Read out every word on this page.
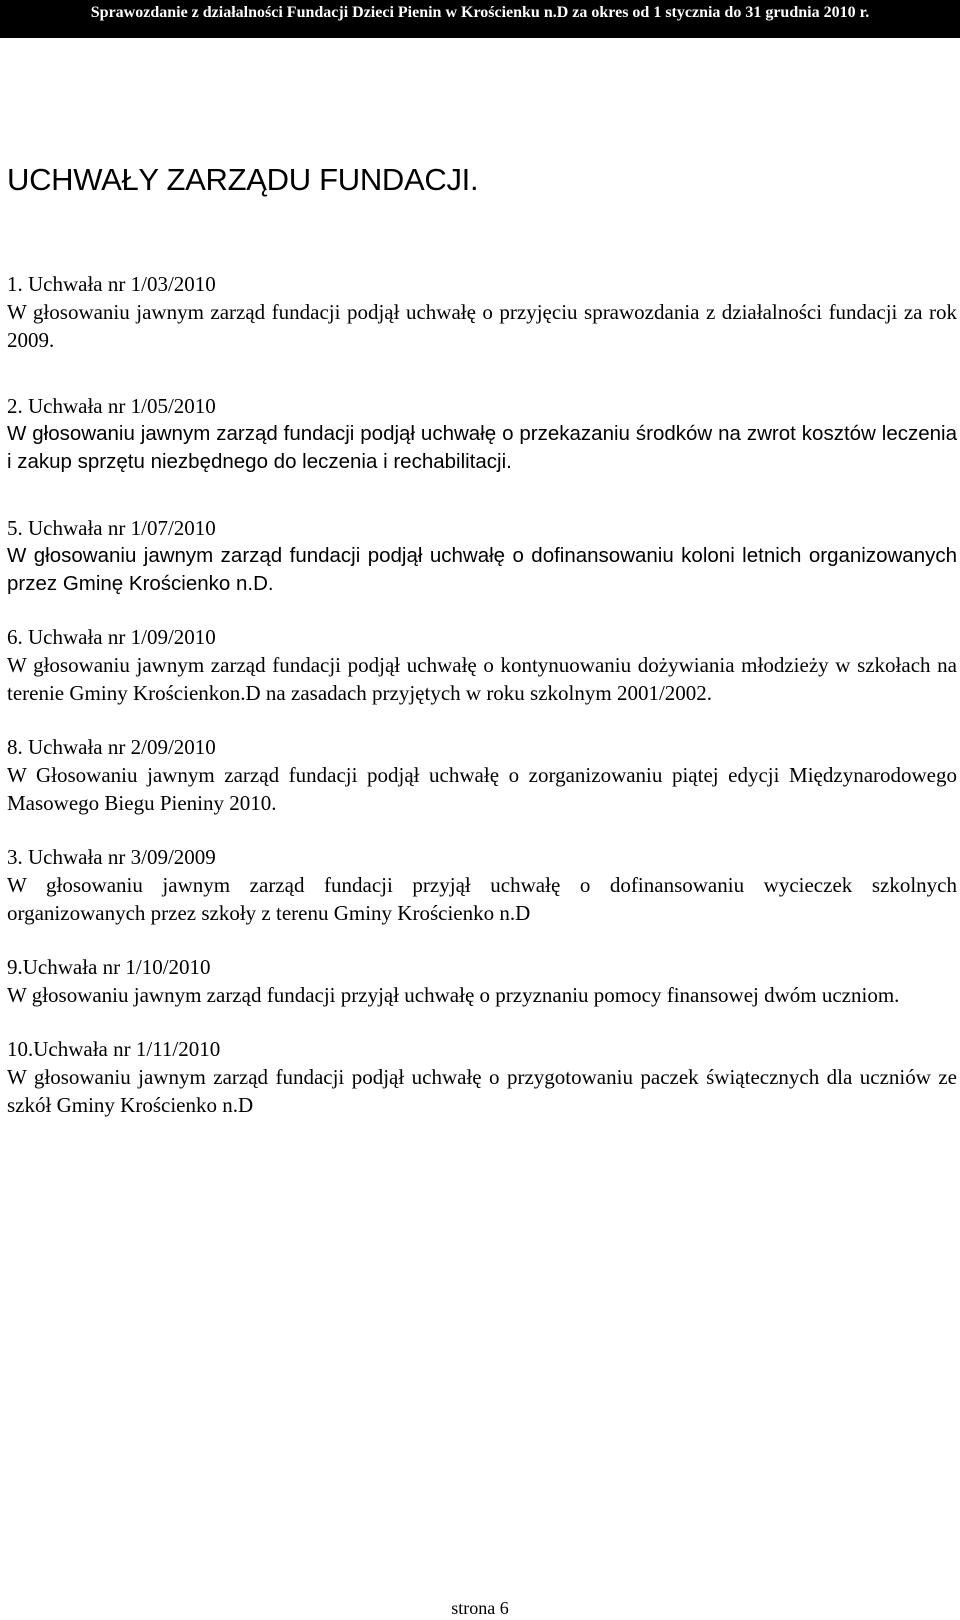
Sprawozdanie z działalności Fundacji Dzieci Pienin w Krościenku n.D za okres od 1 stycznia do 31 grudnia 2010 r.
UCHWAŁY ZARZĄDU FUNDACJI.
1. Uchwała nr 1/03/2010
W głosowaniu jawnym zarząd fundacji podjął uchwałę o przyjęciu sprawozdania z działalności fundacji za rok 2009.
2. Uchwała nr 1/05/2010
W głosowaniu jawnym zarząd fundacji podjął uchwałę o przekazaniu środków na zwrot kosztów leczenia i zakup sprzętu niezbędnego do leczenia i rechabilitacji.
5. Uchwała nr 1/07/2010
W głosowaniu jawnym zarząd fundacji podjął uchwałę o dofinansowaniu koloni letnich organizowanych przez Gminę Krościenko n.D.
6. Uchwała nr 1/09/2010
W głosowaniu jawnym zarząd fundacji podjął uchwałę o kontynuowaniu dożywiania młodzieży w szkołach na terenie Gminy Krościenkon.D na zasadach przyjętych w roku szkolnym 2001/2002.
8. Uchwała nr 2/09/2010
W Głosowaniu jawnym zarząd fundacji podjął uchwałę o zorganizowaniu piątej edycji Międzynarodowego Masowego Biegu Pieniny 2010.
3. Uchwała nr 3/09/2009
W głosowaniu jawnym zarząd fundacji przyjął uchwałę o dofinansowaniu wycieczek szkolnych organizowanych przez szkoły z terenu Gminy Krościenko n.D
9.Uchwała nr 1/10/2010
W głosowaniu jawnym zarząd fundacji przyjął uchwałę o przyznaniu pomocy finansowej dwóm uczniom.
10.Uchwała nr 1/11/2010
W głosowaniu jawnym zarząd fundacji podjął uchwałę o przygotowaniu paczek świątecznych dla uczniów ze szkół Gminy Krościenko n.D
strona 6
